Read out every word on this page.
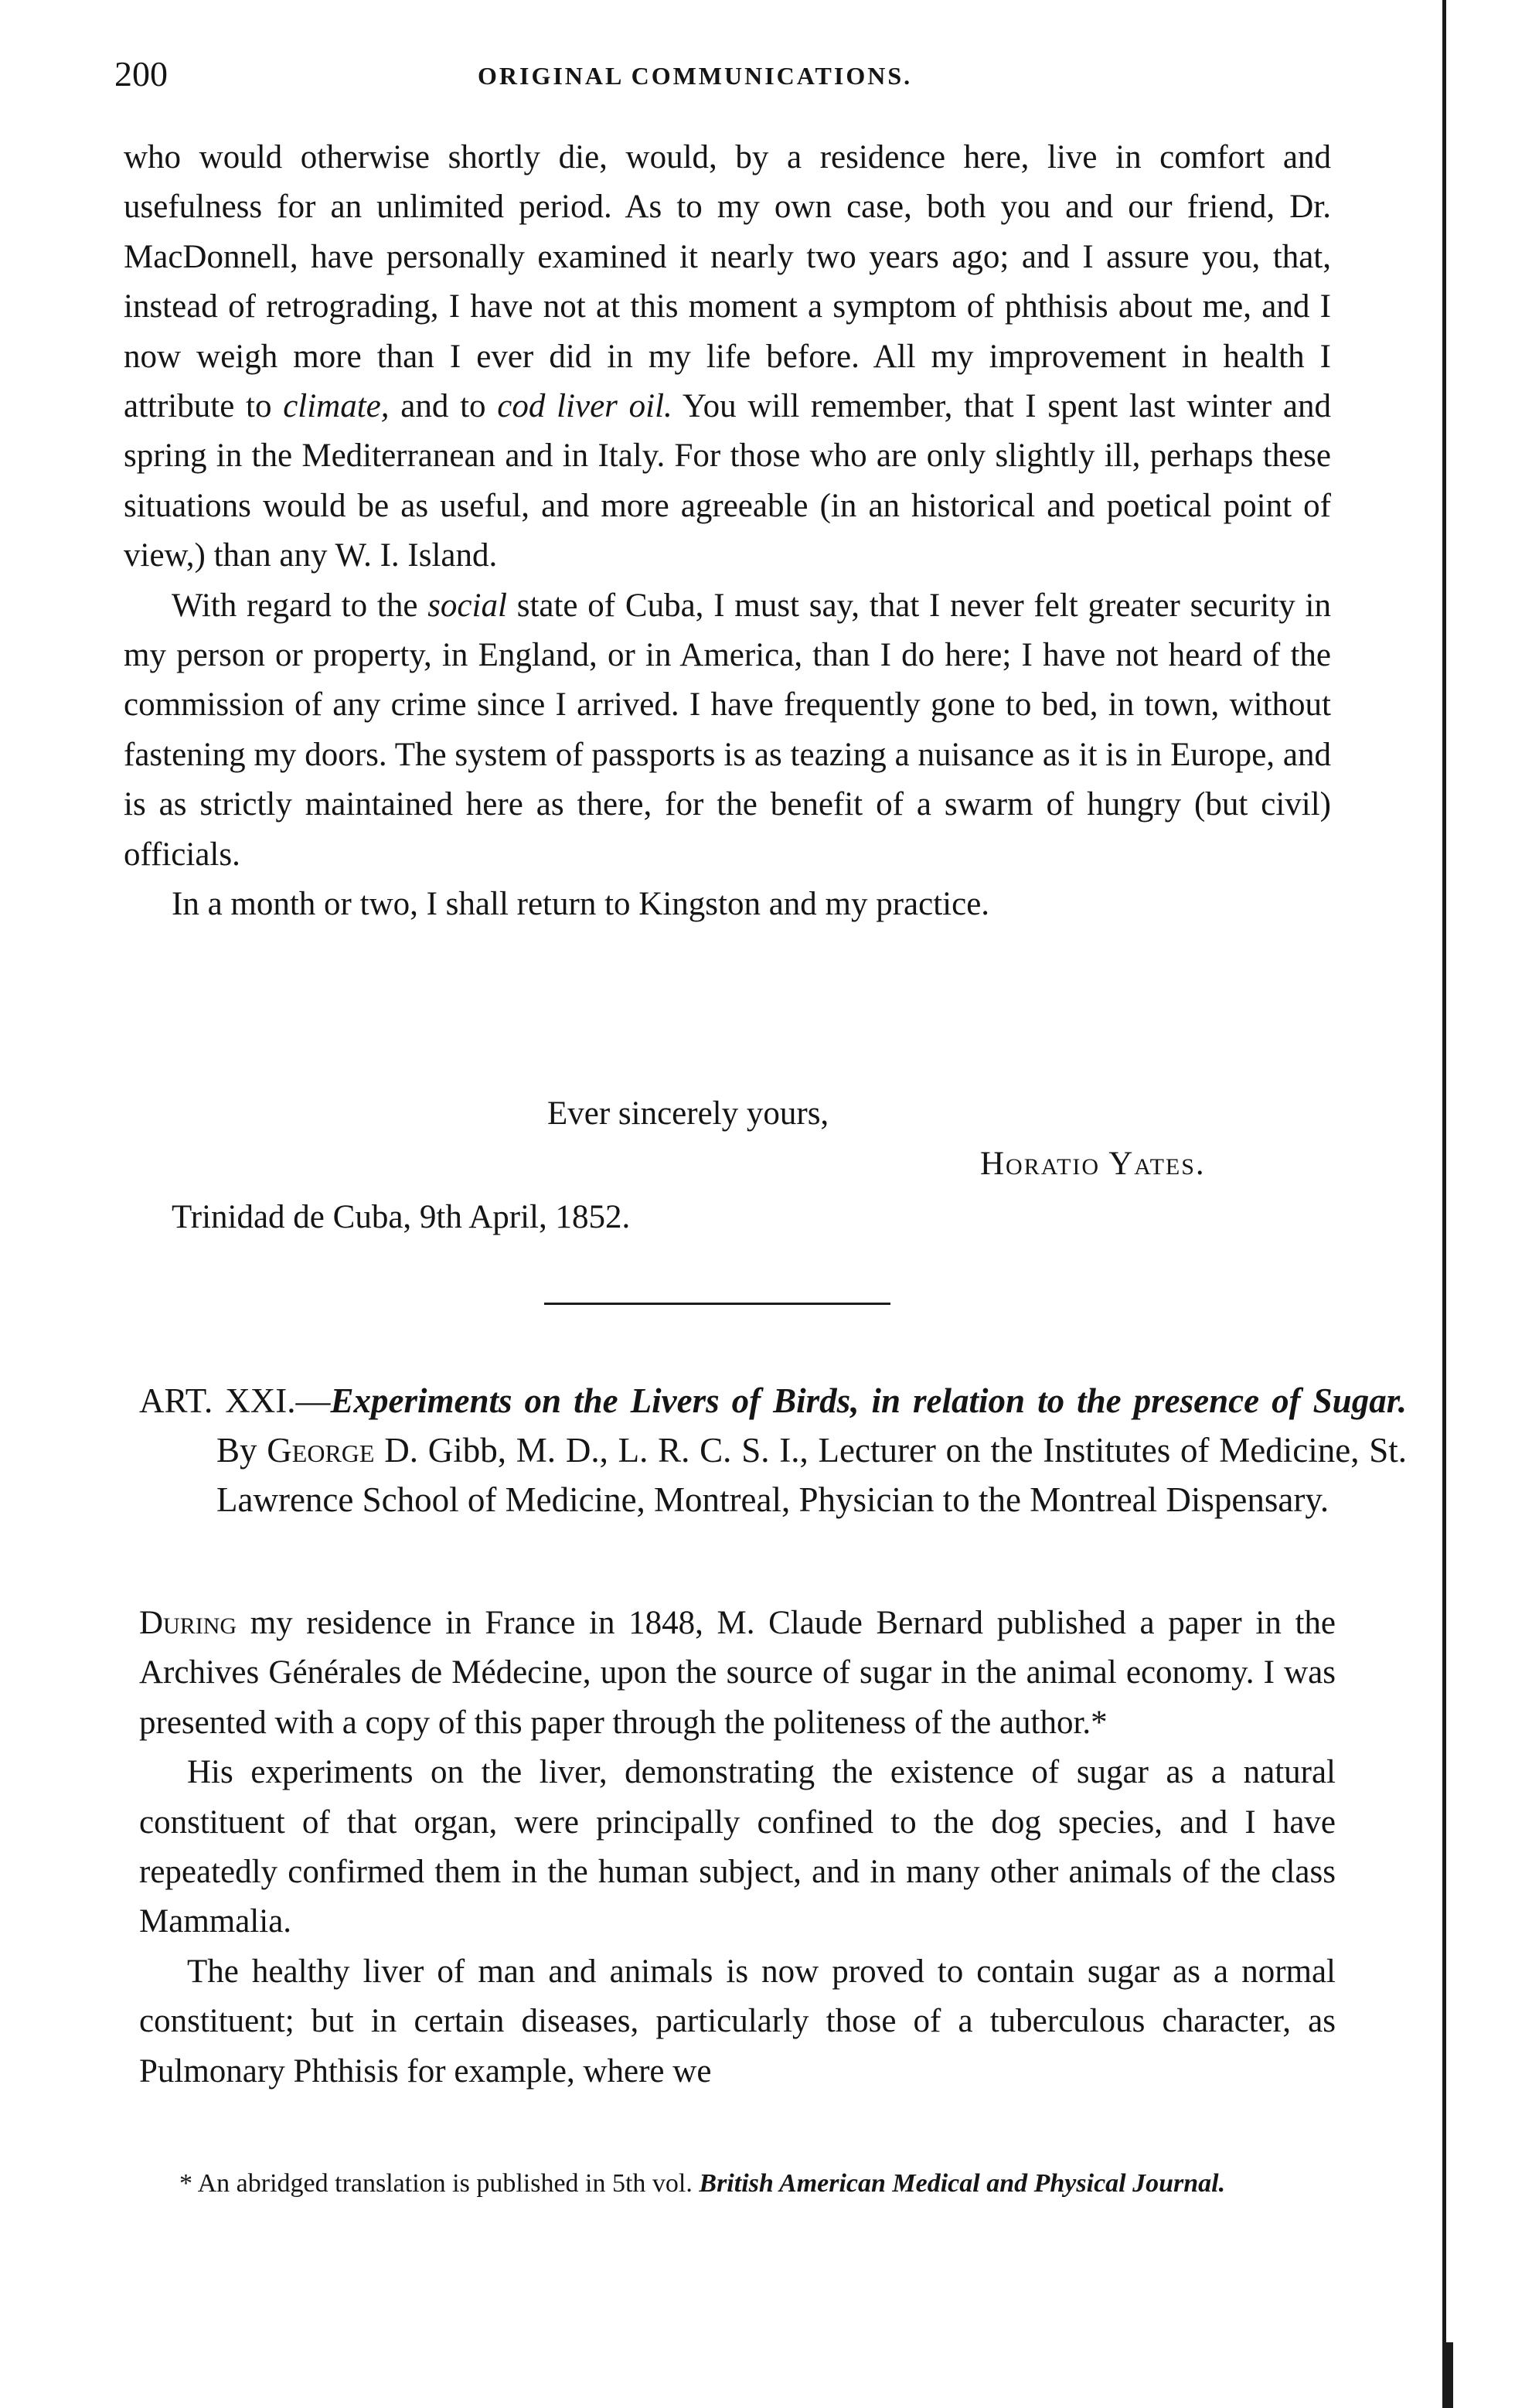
200	ORIGINAL COMMUNICATIONS.

who would otherwise shortly die, would, by a residence here, live in comfort and usefulness for an unlimited period. As to my own case, both you and our friend, Dr. MacDonnell, have personally examined it nearly two years ago; and I assure you, that, instead of retrograding, I have not at this moment a symptom of phthisis about me, and I now weigh more than I ever did in my life before. All my improvement in health I attribute to climate, and to cod liver oil. You will remember, that I spent last winter and spring in the Mediterranean and in Italy. For those who are only slightly ill, perhaps these situations would be as useful, and more agreeable (in an historical and poetical point of view,) than any W. I. Island.

With regard to the social state of Cuba, I must say, that I never felt greater security in my person or property, in England, or in America, than I do here; I have not heard of the commission of any crime since I arrived. I have frequently gone to bed, in town, without fastening my doors. The system of passports is as teazing a nuisance as it is in Europe, and is as strictly maintained here as there, for the benefit of a swarm of hungry (but civil) officials.

In a month or two, I shall return to Kingston and my practice.

Ever sincerely yours,
Horatio Yates.
Trinidad de Cuba, 9th April, 1852.
ART. XXI.—Experiments on the Livers of Birds, in relation to the presence of Sugar. By George D. Gibb, M. D., L. R. C. S. I., Lecturer on the Institutes of Medicine, St. Lawrence School of Medicine, Montreal, Physician to the Montreal Dispensary.

During my residence in France in 1848, M. Claude Bernard published a paper in the Archives Générales de Médecine, upon the source of sugar in the animal economy. I was presented with a copy of this paper through the politeness of the author.*

His experiments on the liver, demonstrating the existence of sugar as a natural constituent of that organ, were principally confined to the dog species, and I have repeatedly confirmed them in the human subject, and in many other animals of the class Mammalia.

The healthy liver of man and animals is now proved to contain sugar as a normal constituent; but in certain diseases, particularly those of a tuberculous character, as Pulmonary Phthisis for example, where we

* An abridged translation is published in 5th vol. British American Medical and Physical Journal.
